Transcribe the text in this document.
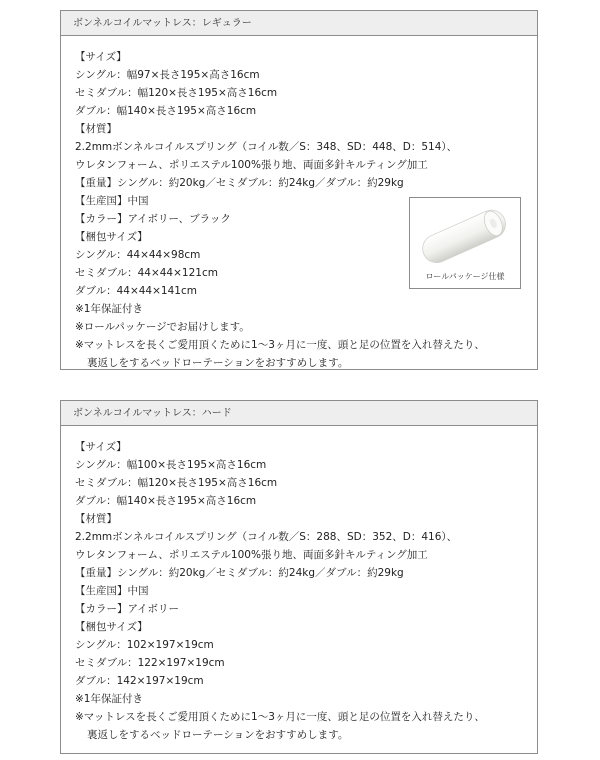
ボンネルコイルマットレス：レギュラー
【サイズ】
シングル：幅97×長さ195×高さ16cm
セミダブル：幅120×長さ195×高さ16cm
ダブル：幅140×長さ195×高さ16cm
【材質】
2.2mmボンネルコイルスプリング（コイル数／S：348、SD：448、D：514）、
ウレタンフォーム、ポリエステル100%張り地、両面多針キルティング加工
【重量】シングル：約20kg／セミダブル：約24kg／ダブル：約29kg
【生産国】中国
【カラー】アイボリー、ブラック
【梱包サイズ】
シングル：44×44×98cm
セミダブル：44×44×121cm
ダブル：44×44×141cm
※1年保証付き
※ロールパッケージでお届けします。
※マットレスを長くご愛用頂くために1〜3ヶ月に一度、頭と足の位置を入れ替えたり、
裏返しをするベッドローテーションをおすすめします。
ロールパッケージ仕様
ボンネルコイルマットレス：ハード
【サイズ】
シングル：幅100×長さ195×高さ16cm
セミダブル：幅120×長さ195×高さ16cm
ダブル：幅140×長さ195×高さ16cm
【材質】
2.2mmボンネルコイルスプリング（コイル数／S：288、SD：352、D：416）、
ウレタンフォーム、ポリエステル100%張り地、両面多針キルティング加工
【重量】シングル：約20kg／セミダブル：約24kg／ダブル：約29kg
【生産国】中国
【カラー】アイボリー
【梱包サイズ】
シングル：102×197×19cm
セミダブル：122×197×19cm
ダブル：142×197×19cm
※1年保証付き
※マットレスを長くご愛用頂くために1〜3ヶ月に一度、頭と足の位置を入れ替えたり、
裏返しをするベッドローテーションをおすすめします。
